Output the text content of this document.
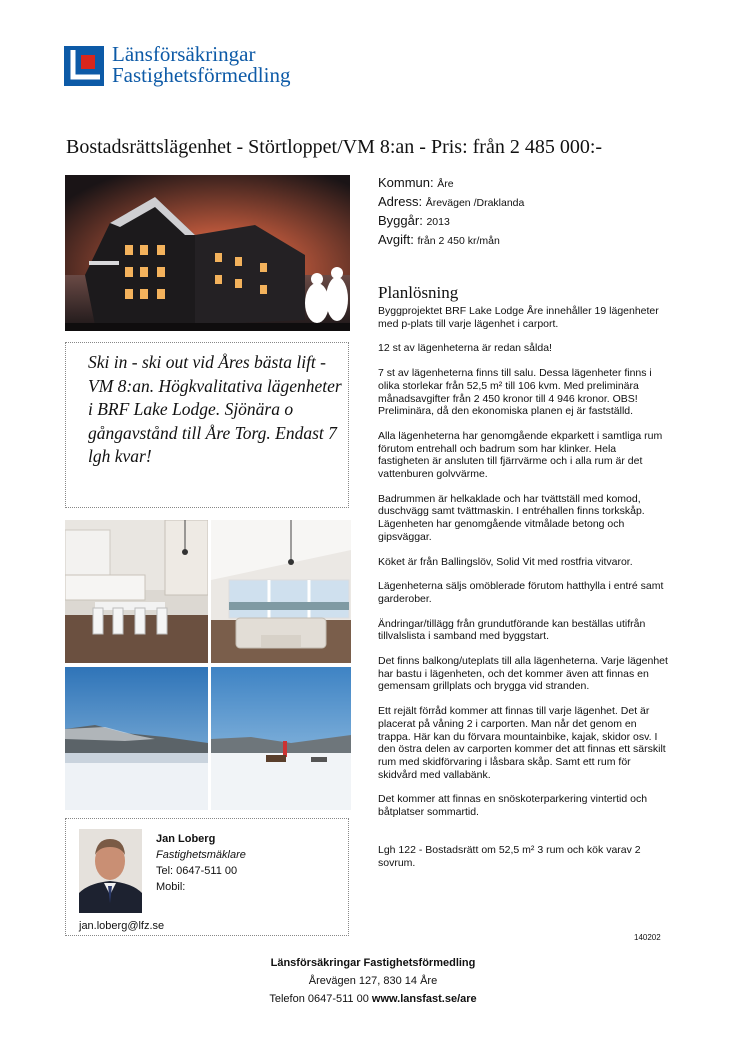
Länsförsäkringar
Fastighetsförmedling
Bostadsrättslägenhet - Störtloppet/VM 8:an - Pris: från 2 485 000:-
Kommun: Åre
Adress: Årevägen /Draklanda
Byggår: 2013
Avgift: från 2 450 kr/mån
Planlösning

Byggprojektet BRF Lake Lodge Åre innehåller 19 lägenheter med p-plats till varje lägenhet i carport.

12 st av lägenheterna är redan sålda!

7 st av lägenheterna finns till salu. Dessa lägenheter finns i olika storlekar från 52,5 m² till 106 kvm. Med preliminära månadsavgifter från 2 450 kronor till 4 946 kronor. OBS! Preliminära, då den ekonomiska planen ej är fastställd.

Alla lägenheterna har genomgående ekparkett i samtliga rum förutom entrehall och badrum som har klinker. Hela fastigheten är ansluten till fjärrvärme och i alla rum är det vattenburen golvvärme.

Badrummen är helkaklade och har tvättställ med komod, duschvägg samt tvättmaskin. I entréhallen finns torkskåp. Lägenheten har genomgående vitmålade betong och gipsväggar.

Köket är från Ballingslöv, Solid Vit med rostfria vitvaror.

Lägenheterna säljs omöblerade förutom hatthylla i entré samt garderober.

Ändringar/tillägg från grundutförande kan beställas utifrån tillvalslista i samband med byggstart.

Det finns balkong/uteplats till alla lägenheterna. Varje lägenhet har bastu i lägenheten, och det kommer även att finnas en gemensam grillplats och brygga vid stranden.

Ett rejält förråd kommer att finnas till varje lägenhet. Det är placerat på våning 2 i carporten. Man når det genom en trappa. Här kan du förvara mountainbike, kajak, skidor osv. I den östra delen av carporten kommer det att finnas ett särskilt rum med skidförvaring i låsbara skåp. Samt ett rum för skidvård med vallabänk.

Det kommer att finnas en snöskoterparkering vintertid och båtplatser sommartid.

Lgh 122 - Bostadsrätt om 52,5 m² 3 rum och kök varav 2 sovrum.

Ski in - ski out vid Åres bästa lift - VM 8:an. Högkvalitativa lägenheter i BRF Lake Lodge. Sjönära o gångavstånd till Åre Torg. Endast 7 lgh kvar!
Jan Loberg
Fastighetsmäklare
Tel: 0647-511 00
Mobil:
jan.loberg@lfz.se
140202
Länsförsäkringar Fastighetsförmedling
Årevägen 127, 830 14 Åre
Telefon 0647-511 00 www.lansfast.se/are
